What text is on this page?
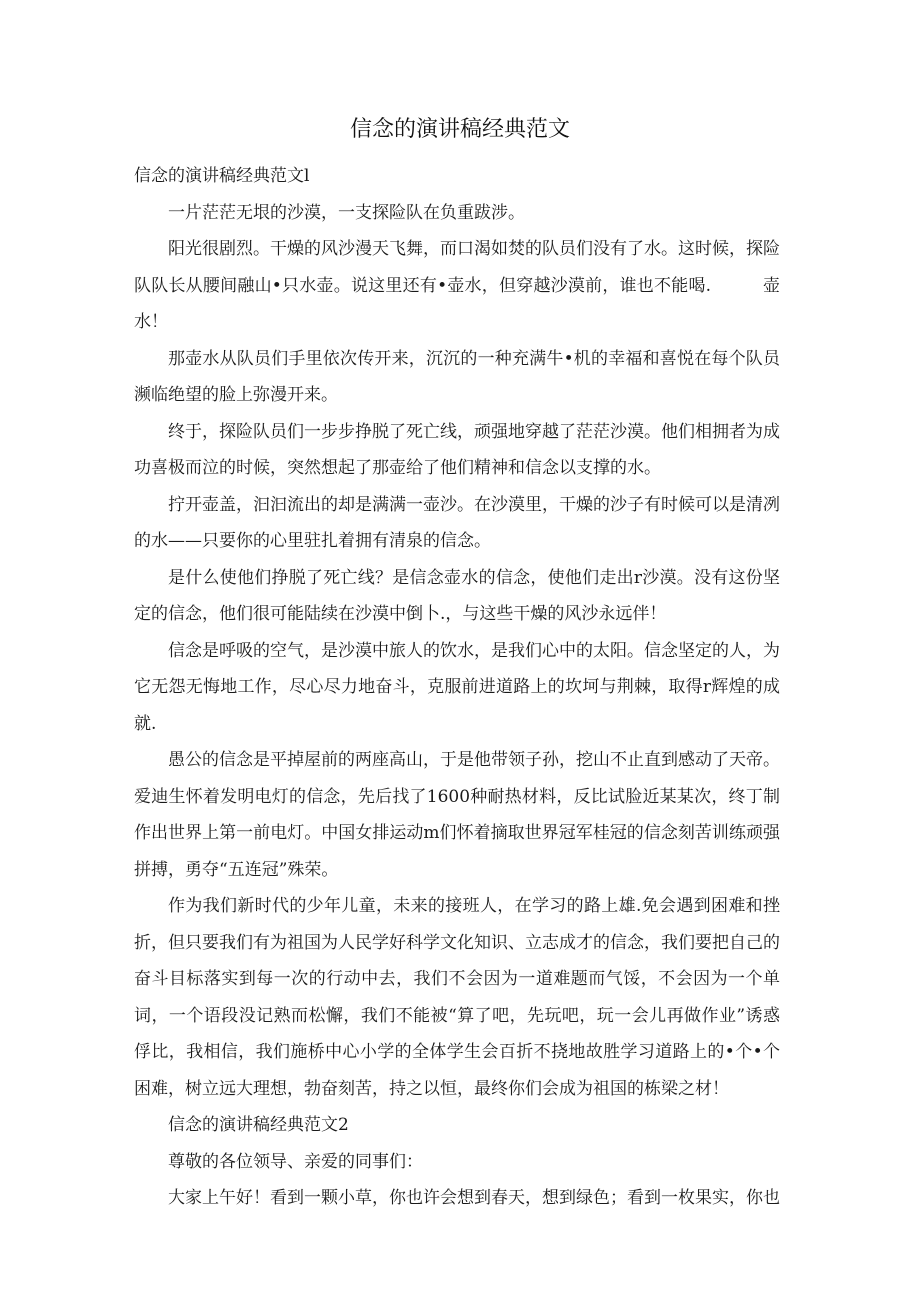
信念的演讲稿经典范文

信念的演讲稿经典范文l

一片茫茫无垠的沙漠，一支探险队在负重跋涉。

阳光很剧烈。干燥的风沙漫天飞舞，而口渴如焚的队员们没有了水。这时候，探险队队长从腰间融山•只水壶。说这里还有•壶水，但穿越沙漠前，谁也不能喝.　　　壶水！

那壶水从队员们手里依次传开来，沉沉的一种充满牛•机的幸福和喜悦在每个队员濒临绝望的脸上弥漫开来。

终于，探险队员们一步步挣脱了死亡线，顽强地穿越了茫茫沙漠。他们相拥者为成功喜极而泣的时候，突然想起了那壶给了他们精神和信念以支撑的水。

拧开壶盖，汩汩流出的却是满满一壶沙。在沙漠里，干燥的沙子有时候可以是清冽的水——只要你的心里驻扎着拥有清泉的信念。

是什么使他们挣脱了死亡线？是信念壶水的信念，使他们走出r沙漠。没有这份坚定的信念，他们很可能陆续在沙漠中倒卜.，与这些干燥的风沙永远伴！

信念是呼吸的空气，是沙漠中旅人的饮水，是我们心中的太阳。信念坚定的人，为它无怨无悔地工作，尽心尽力地奋斗，克服前进道路上的坎坷与荆棘，取得r辉煌的成就.

愚公的信念是平掉屋前的两座高山，于是他带领子孙，挖山不止直到感动了天帝。爱迪生怀着发明电灯的信念，先后找了1600种耐热材料，反比试脸近某某次，终丁制作出世界上第一前电灯。中国女排运动m们怀着摘取世界冠军桂冠的信念刻苦训练顽强拼搏，勇夺“五连冠”殊荣。

作为我们新时代的少年儿童，未来的接班人，在学习的路上雄.免会遇到困难和挫折，但只要我们有为祖国为人民学好科学文化知识、立志成才的信念，我们要把自己的奋斗目标落实到每一次的行动中去，我们不会因为一道难题而气馁，不会因为一个单词，一个语段没记熟而松懈，我们不能被“算了吧，先玩吧，玩一会儿再做作业”诱惑俘比，我相信，我们施桥中心小学的全体学生会百折不挠地故胜学习道路上的•个•个困难，树立远大理想，勃奋刻苦，持之以恒，最终你们会成为祖国的栋梁之材！

信念的演讲稿经典范文2

尊敬的各位领导、亲爱的同事们：

大家上午好！看到一颗小草，你也许会想到春天，想到绿色；看到一枚果实，你也
